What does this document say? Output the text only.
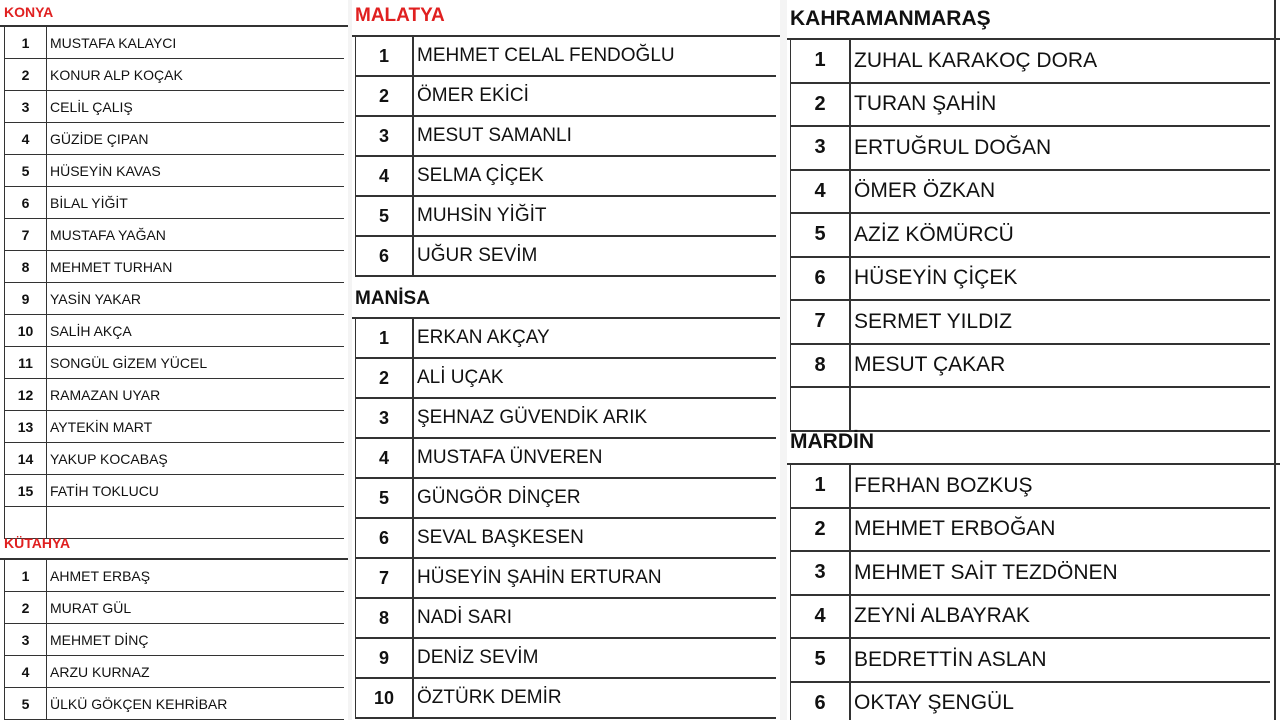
KONYA
1	MUSTAFA KALAYCI
2	KONUR ALP KOÇAK
3	CELİL ÇALIŞ
4	GÜZİDE ÇIPAN
5	HÜSEYİN KAVAS
6	BİLAL YİĞİT
7	MUSTAFA YAĞAN
8	MEHMET TURHAN
9	YASİN YAKAR
10	SALİH AKÇA
11	SONGÜL GİZEM YÜCEL
12	RAMAZAN UYAR
13	AYTEKİN MART
14	YAKUP KOCABAŞ
15	FATİH TOKLUCU
KÜTAHYA
1	AHMET ERBAŞ
2	MURAT GÜL
3	MEHMET DİNÇ
4	ARZU KURNAZ
5	ÜLKÜ GÖKÇEN KEHRİBAR
MALATYA
1	MEHMET CELAL FENDOĞLU
2	ÖMER EKİCİ
3	MESUT SAMANLI
4	SELMA ÇİÇEK
5	MUHSİN YİĞİT
6	UĞUR SEVİM
MANİSA
1	ERKAN AKÇAY
2	ALİ UÇAK
3	ŞEHNAZ GÜVENDİK ARIK
4	MUSTAFA ÜNVEREN
5	GÜNGÖR DİNÇER
6	SEVAL BAŞKESEN
7	HÜSEYİN ŞAHİN ERTURAN
8	NADİ SARI
9	DENİZ SEVİM
10	ÖZTÜRK DEMİR
KAHRAMANMARAŞ
1	ZUHAL KARAKOÇ DORA
2	TURAN ŞAHİN
3	ERTUĞRUL DOĞAN
4	ÖMER ÖZKAN
5	AZİZ KÖMÜRCÜ
6	HÜSEYİN ÇİÇEK
7	SERMET YILDIZ
8	MESUT ÇAKAR
MARDİN
1	FERHAN BOZKUŞ
2	MEHMET ERBOĞAN
3	MEHMET SAİT TEZDÖNEN
4	ZEYNİ ALBAYRAK
5	BEDRETTİN ASLAN
6	OKTAY ŞENGÜL
